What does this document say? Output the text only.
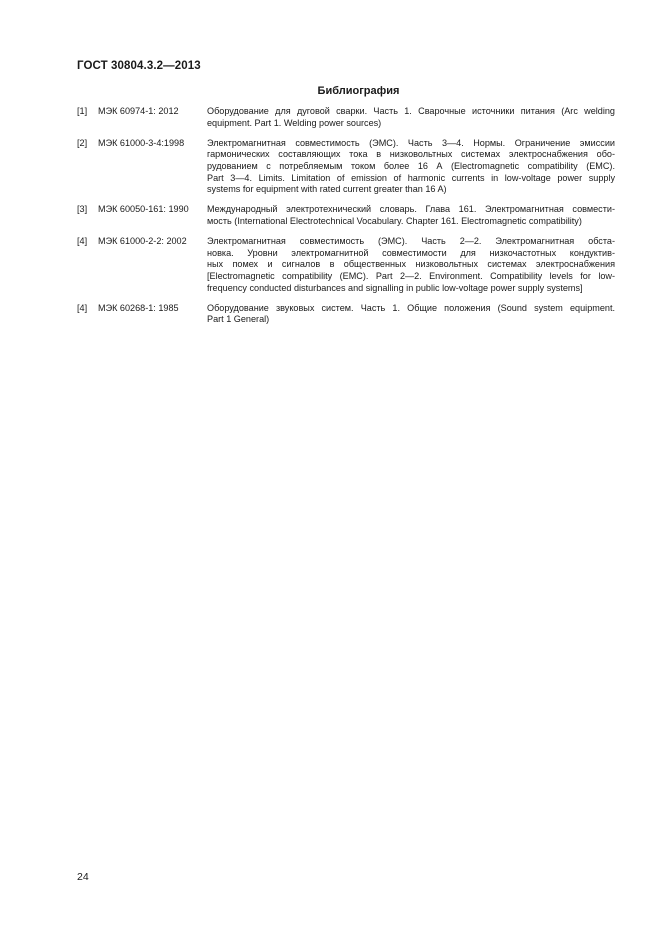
ГОСТ 30804.3.2—2013
Библиография
[1] МЭК 60974-1: 2012	Оборудование для дуговой сварки. Часть 1. Сварочные источники питания (Arc welding
equipment. Part 1. Welding power sources)
[2] МЭК 61000-3-4:1998	Электромагнитная совместимость (ЭМС). Часть 3—4. Нормы. Ограничение эмиссии
гармонических составляющих тока в низковольтных системах электроснабжения обо-
рудованием с потребляемым током более 16 А (Electromagnetic compatibility (EMC).
Part 3—4. Limits. Limitation of emission of harmonic currents in low-voltage power supply
systems for equipment with rated current greater than 16 A)
[3] МЭК 60050-161: 1990 Международный электротехнический словарь. Глава 161. Электромагнитная совмести-
мость (International Electrotechnical Vocabulary. Chapter 161. Electromagnetic compatibility)
[4] МЭК 61000-2-2: 2002 Электромагнитная совместимость (ЭМС). Часть 2—2. Электромагнитная обста-
новка. Уровни электромагнитной совместимости для низкочастотных кондуктив-
ных помех и сигналов в общественных низковольтных системах электроснабжения
[Electromagnetic compatibility (EMC). Part 2—2. Environment. Compatibility levels for low-
frequency conducted disturbances and signalling in public low-voltage power supply systems]
[4] МЭК 60268-1: 1985	Оборудование звуковых систем. Часть 1. Общие положения (Sound system equipment.
Part 1 General)
24
